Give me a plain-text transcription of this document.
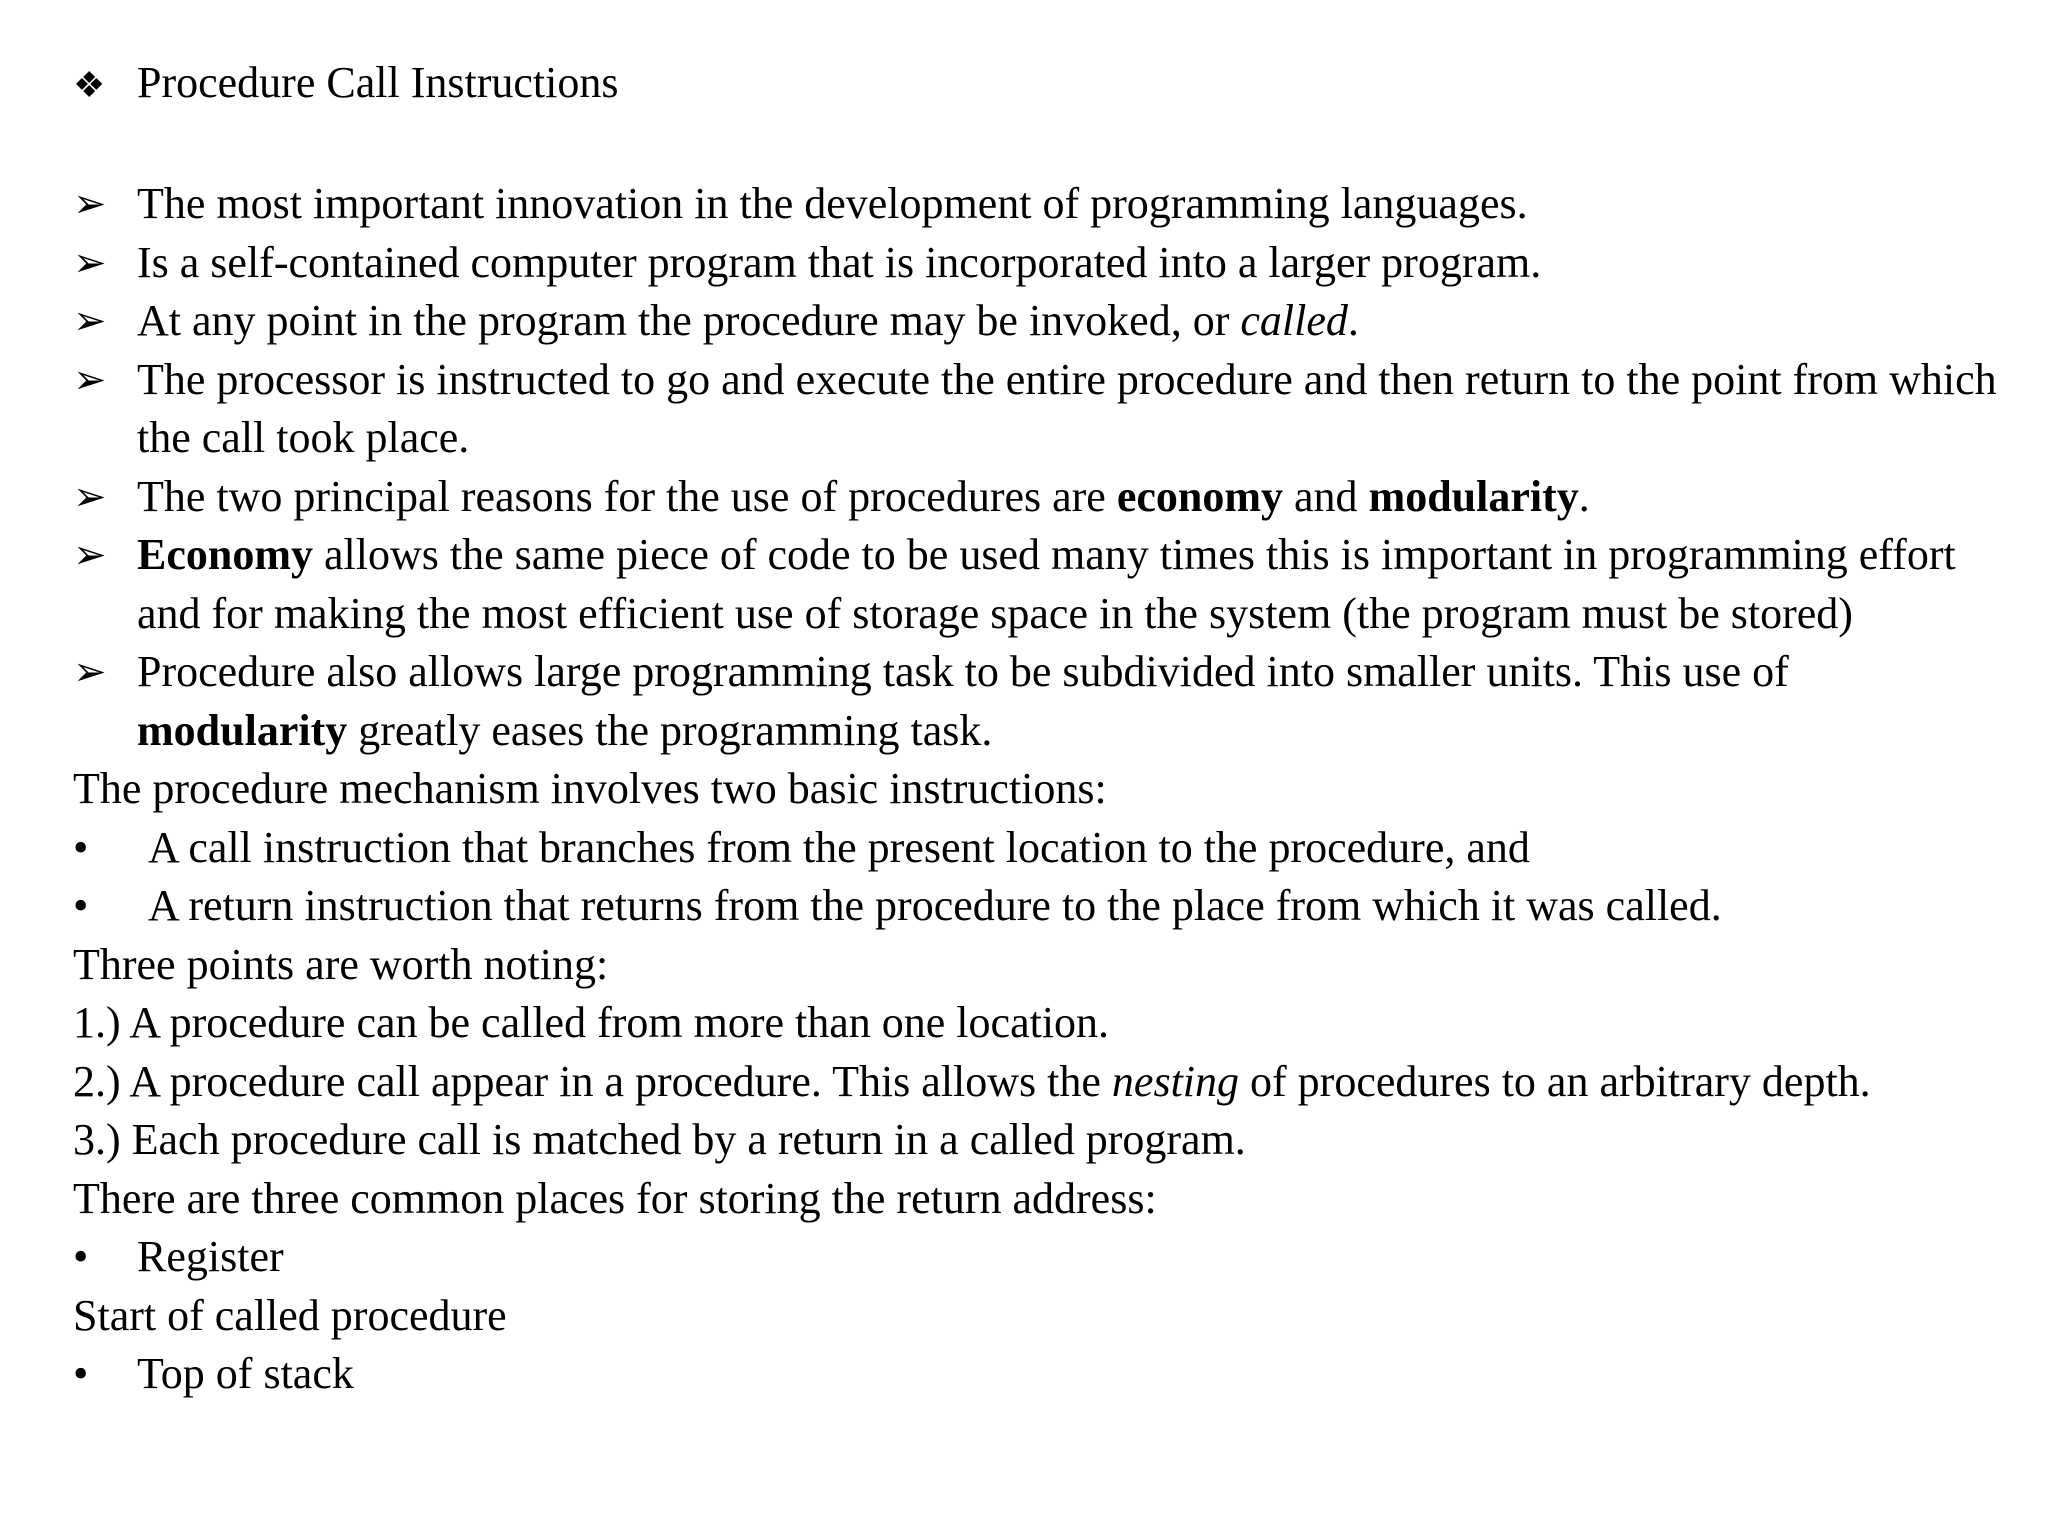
❖ Procedure Call Instructions
➢ The most important innovation in the development of programming languages.
➢ Is a self-contained computer program that is incorporated into a larger program.
➢ At any point in the program the procedure may be invoked, or called.
➢ The processor is instructed to go and execute the entire procedure and then return to the point from which the call took place.
➢ The two principal reasons for the use of procedures are economy and modularity.
➢ Economy allows the same piece of code to be used many times this is important in programming effort and for making the most efficient use of storage space in the system (the program must be stored)
➢ Procedure also allows large programming task to be subdivided into smaller units. This use of modularity greatly eases the programming task.
The procedure mechanism involves two basic instructions:
• A call instruction that branches from the present location to the procedure, and
• A return instruction that returns from the procedure to the place from which it was called.
Three points are worth noting:
1.) A procedure can be called from more than one location.
2.) A procedure call appear in a procedure. This allows the nesting of procedures to an arbitrary depth.
3.) Each procedure call is matched by a return in a called program.
There are three common places for storing the return address:
• Register
Start of called procedure
• Top of stack
